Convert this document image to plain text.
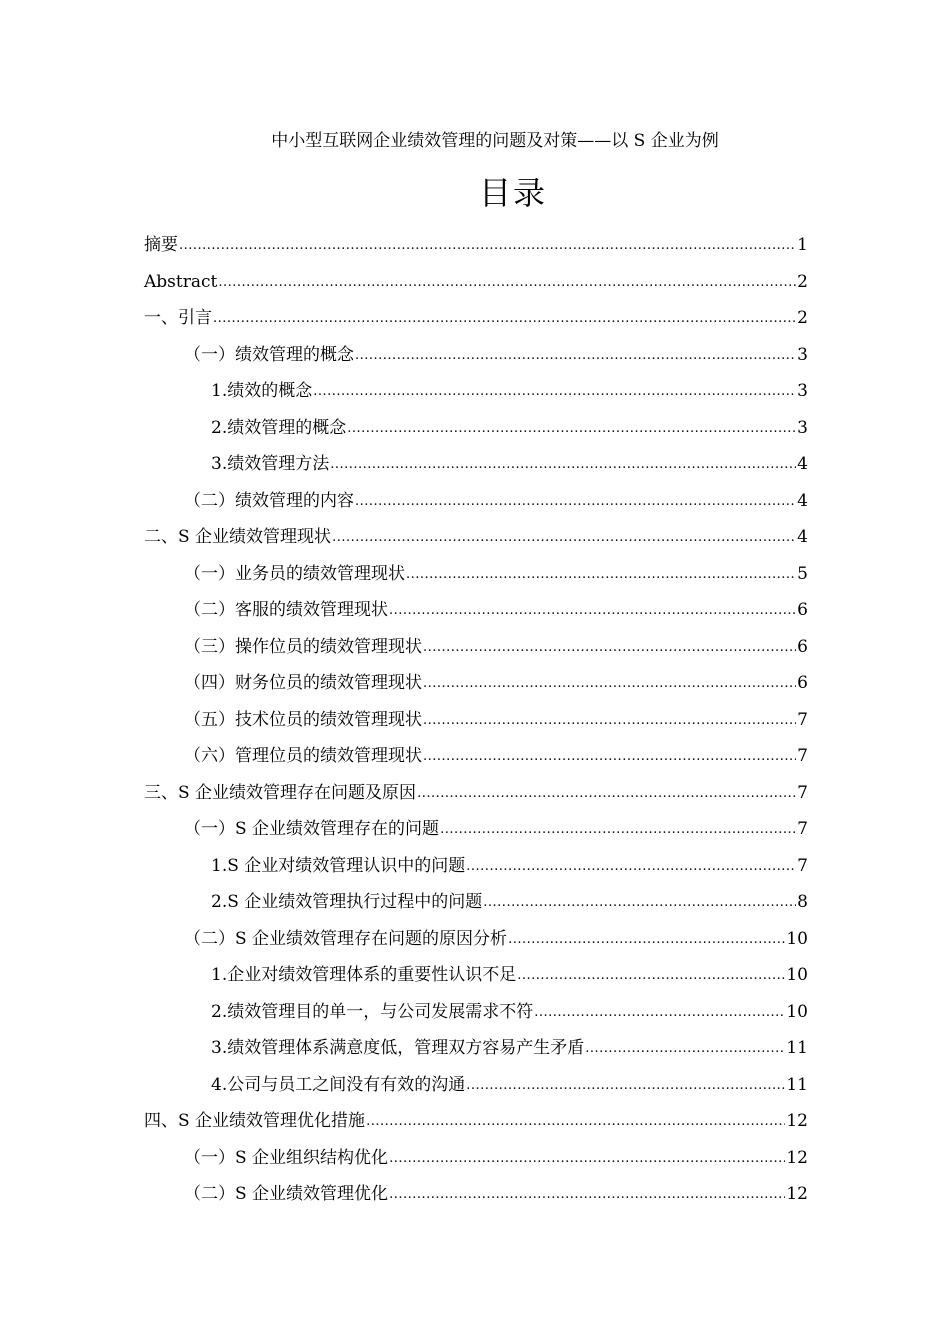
中小型互联网企业绩效管理的问题及对策——以 S 企业为例
目录
摘要 .....	1
Abstract .....	2
一、引言 .....	2
（一）绩效管理的概念 .....	3
1.绩效的概念 .....	3
2.绩效管理的概念 .....	3
3.绩效管理方法 .....	4
（二）绩效管理的内容 .....	4
二、S 企业绩效管理现状 .....	4
（一）业务员的绩效管理现状 .....	5
（二）客服的绩效管理现状 .....	6
（三）操作位员的绩效管理现状 .....	6
（四）财务位员的绩效管理现状 .....	6
（五）技术位员的绩效管理现状 .....	7
（六）管理位员的绩效管理现状 .....	7
三、S 企业绩效管理存在问题及原因 .....	7
（一）S 企业绩效管理存在的问题 .....	7
1.S 企业对绩效管理认识中的问题 .....	7
2.S 企业绩效管理执行过程中的问题 .....	8
（二）S 企业绩效管理存在问题的原因分析 .....	10
1.企业对绩效管理体系的重要性认识不足 .....	10
2.绩效管理目的单一，与公司发展需求不符 .....	10
3.绩效管理体系满意度低，管理双方容易产生矛盾 .....	11
4.公司与员工之间没有有效的沟通 .....	11
四、S 企业绩效管理优化措施 .....	12
（一）S 企业组织结构优化 .....	12
（二）S 企业绩效管理优化 .....	12
